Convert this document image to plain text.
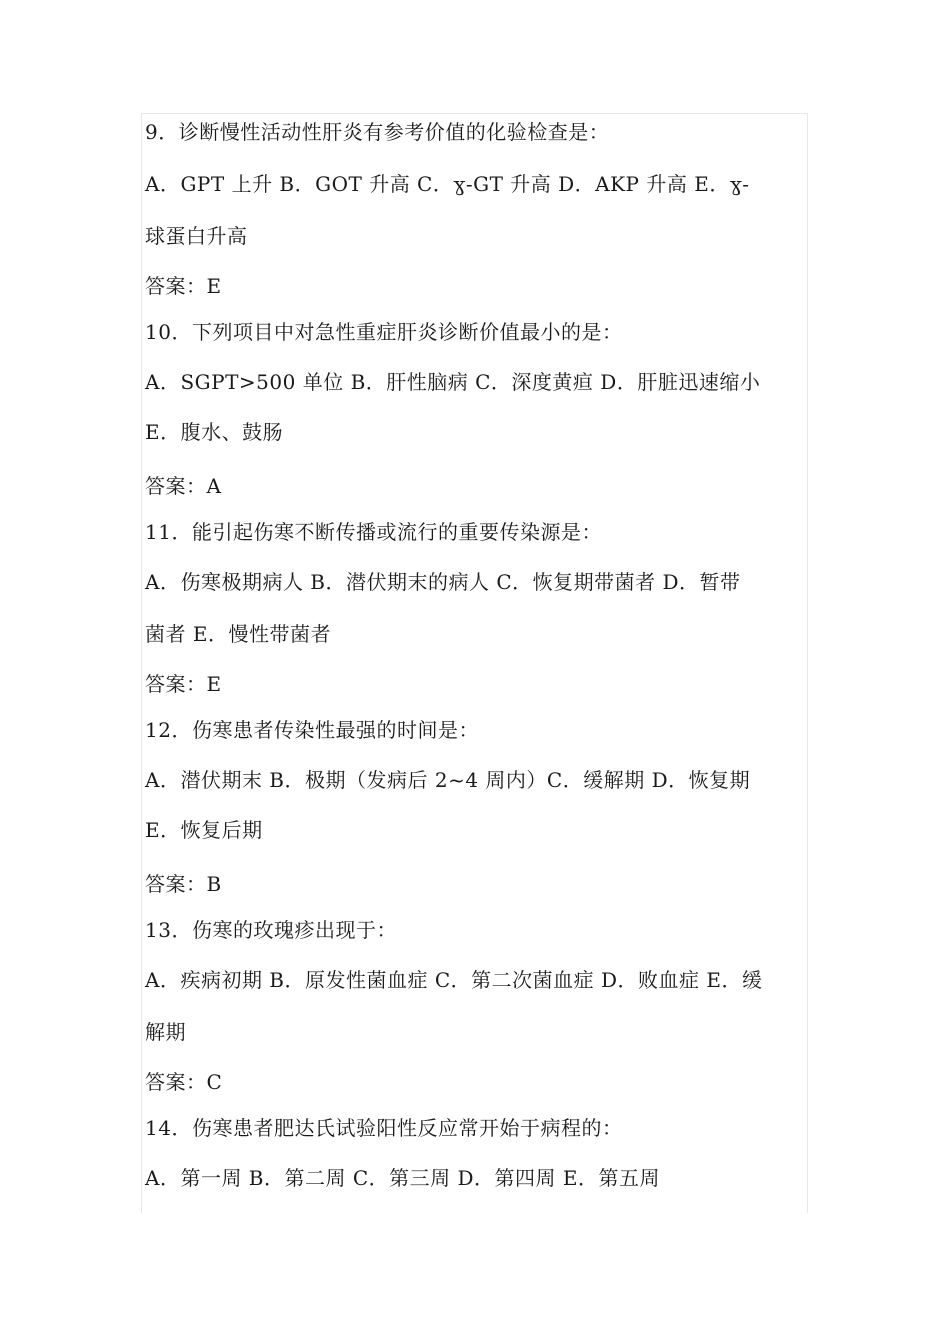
9．诊断慢性活动性肝炎有参考价值的化验检查是：
A．GPT 上升 B．GOT 升高 C．ɣ-GT 升高 D．AKP 升高 E．ɣ-
球蛋白升高
答案：E
10．下列项目中对急性重症肝炎诊断价值最小的是：
A．SGPT>500 单位 B．肝性脑病 C．深度黄疸 D．肝脏迅速缩小
E．腹水、鼓肠
答案：A
11．能引起伤寒不断传播或流行的重要传染源是：
A．伤寒极期病人 B．潜伏期末的病人 C．恢复期带菌者 D．暂带
菌者 E．慢性带菌者
答案：E
12．伤寒患者传染性最强的时间是：
A．潜伏期末 B．极期（发病后 2~4 周内）C．缓解期 D．恢复期
E．恢复后期
答案：B
13．伤寒的玫瑰疹出现于：
A．疾病初期 B．原发性菌血症 C．第二次菌血症 D．败血症 E．缓
解期
答案：C
14．伤寒患者肥达氏试验阳性反应常开始于病程的：
A．第一周 B．第二周 C．第三周 D．第四周 E．第五周
